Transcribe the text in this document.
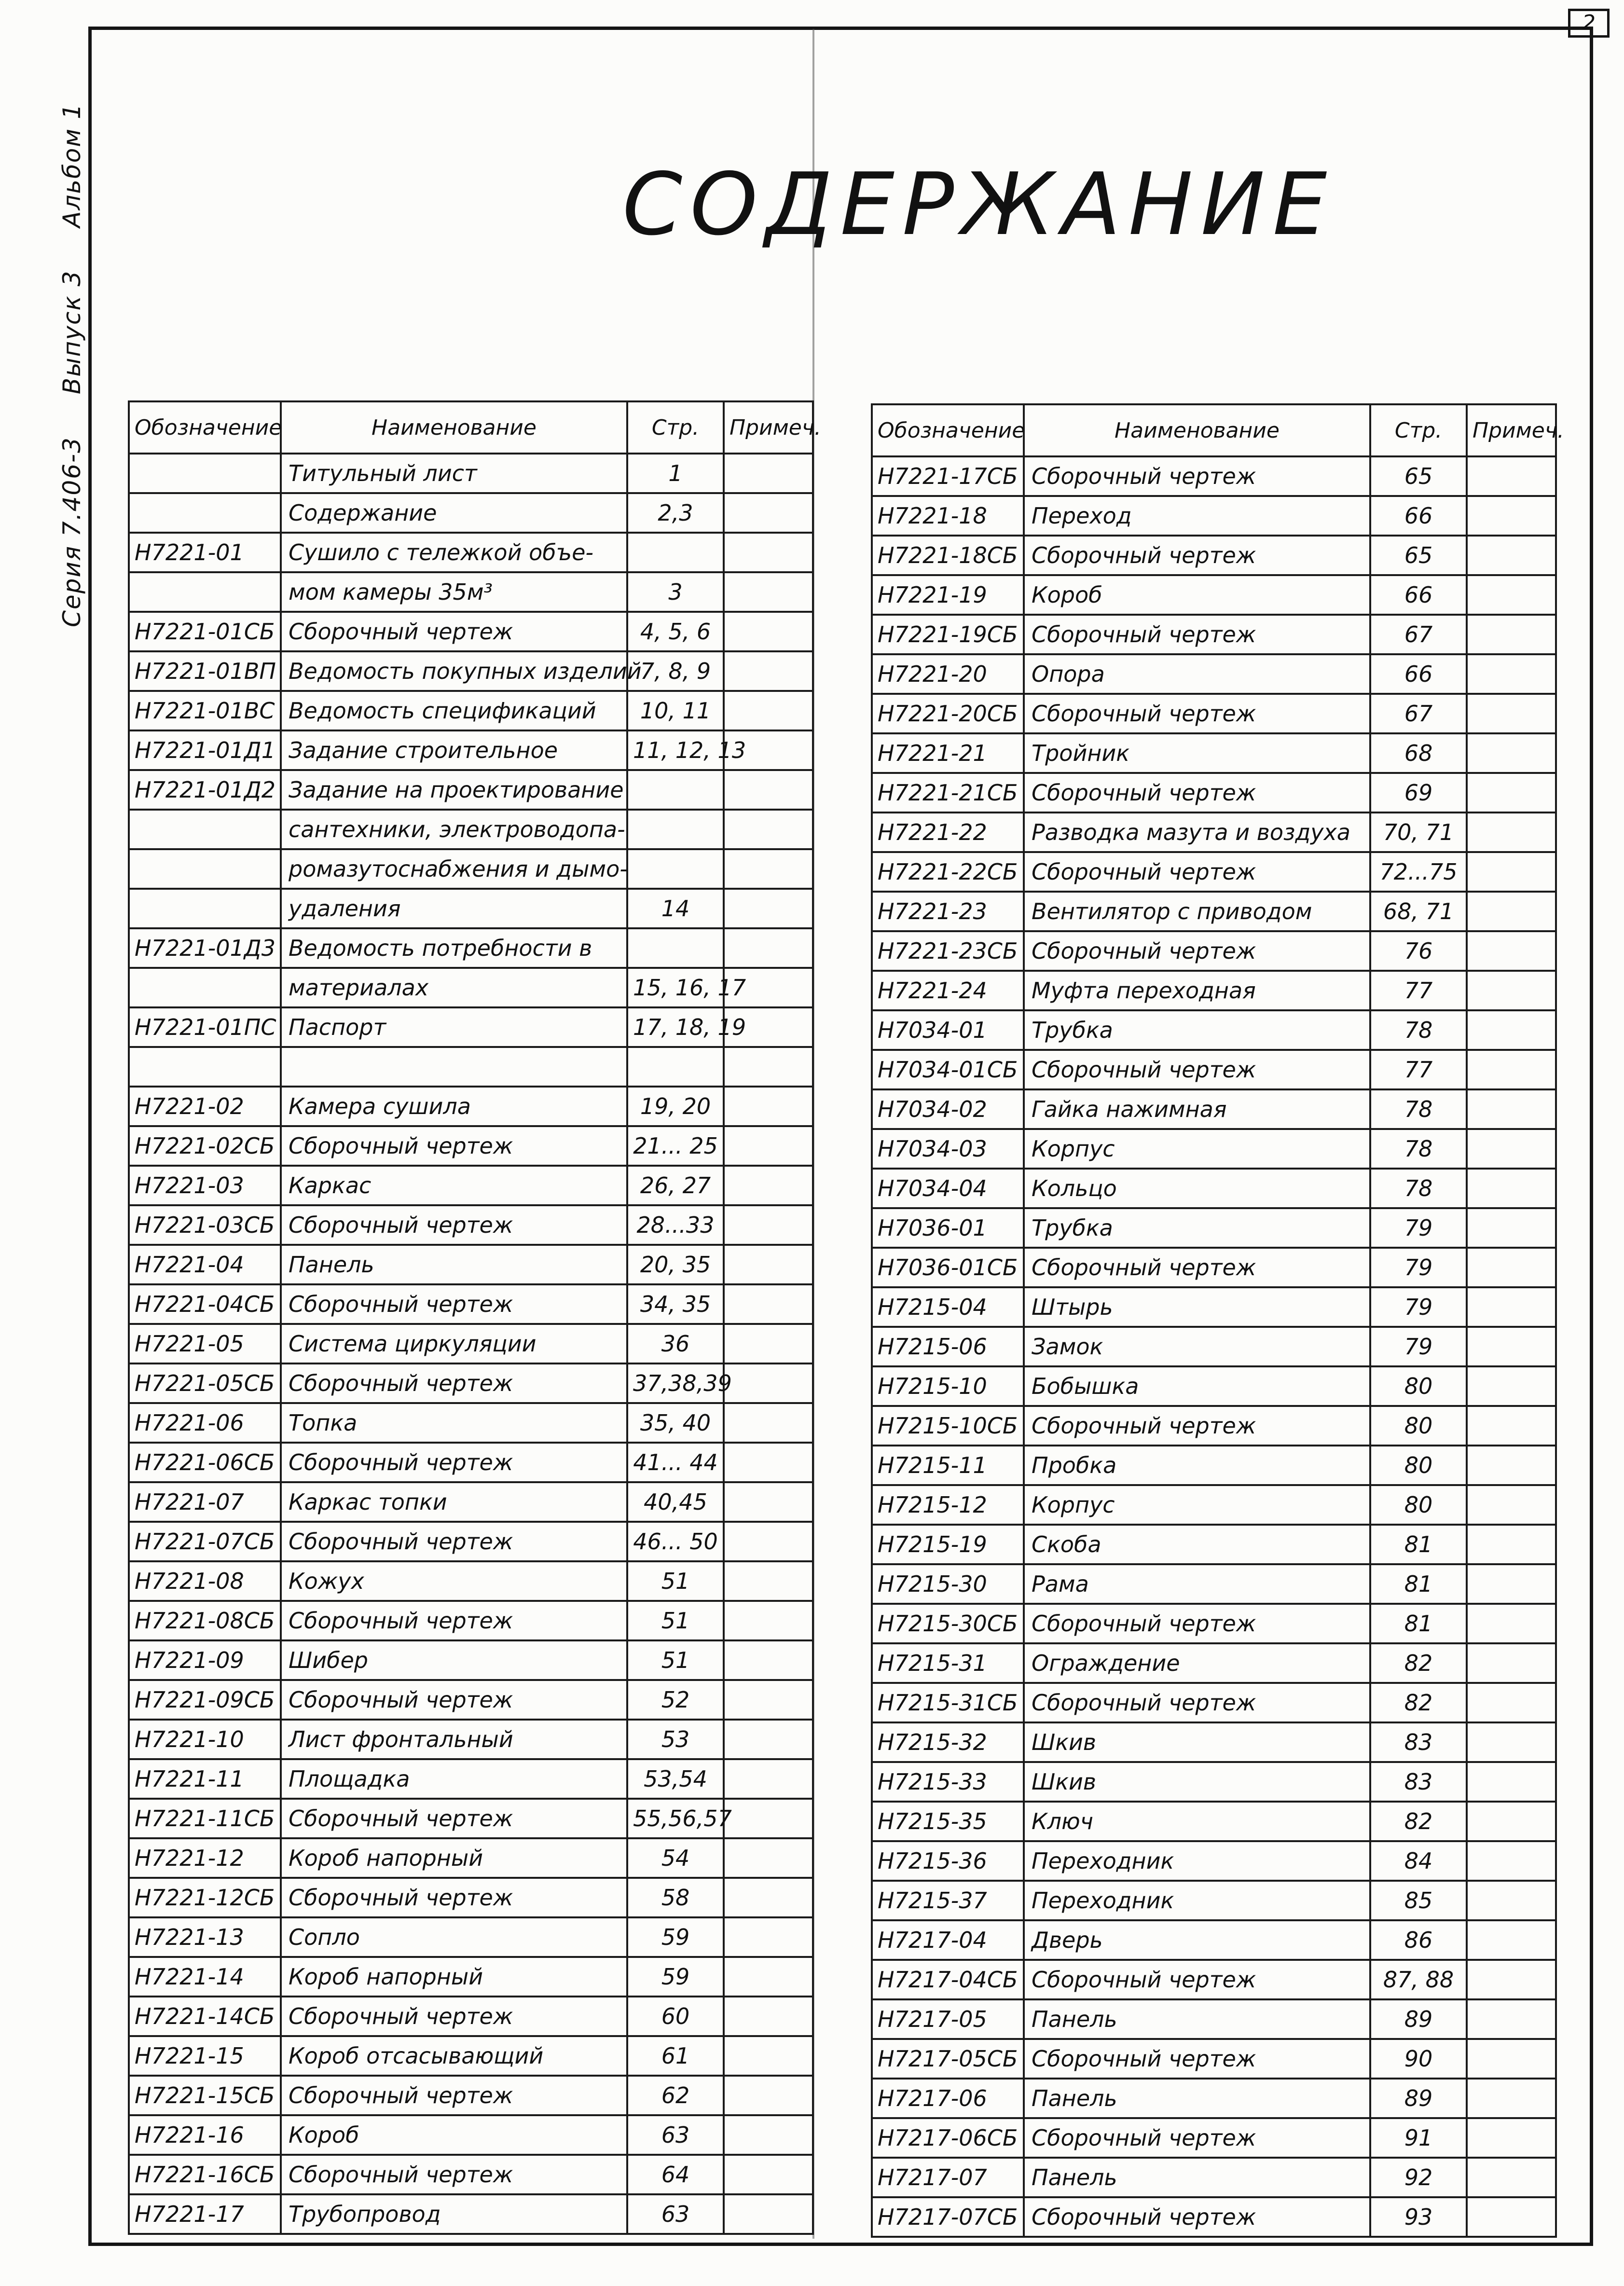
2
Серия 7.406-3 Выпуск 3 Альбом 1	СОДЕРЖАНИЕ
Обозначение	Наименование	Стр.	Примеч.
	Титульный лист	1	
	Содержание	2,3	
Н7221-01	Сушило с тележкой объе-		
	мом камеры 35м³	3	
Н7221-01СБ	Сборочный чертеж	4, 5, 6	
Н7221-01ВП	Ведомость покупных изделий	7, 8, 9	
Н7221-01ВС	Ведомость спецификаций	10, 11	
Н7221-01Д1	Задание строительное	11, 12, 13	
Н7221-01Д2	Задание на проектирование		
	сантехники, электроводопа-		
	ромазутоснабжения и дымо-		
	удаления	14	
Н7221-01Д3	Ведомость потребности в		
	материалах	15, 16, 17	
Н7221-01ПС	Паспорт	17, 18, 19	

Н7221-02	Камера сушила	19, 20	
Н7221-02СБ	Сборочный чертеж	21... 25	
Н7221-03	Каркас	26, 27	
Н7221-03СБ	Сборочный чертеж	28...33	
Н7221-04	Панель	20, 35	
Н7221-04СБ	Сборочный чертеж	34, 35	
Н7221-05	Система циркуляции	36	
Н7221-05СБ	Сборочный чертеж	37,38,39	
Н7221-06	Топка	35, 40	
Н7221-06СБ	Сборочный чертеж	41... 44	
Н7221-07	Каркас топки	40,45	
Н7221-07СБ	Сборочный чертеж	46... 50	
Н7221-08	Кожух	51	
Н7221-08СБ	Сборочный чертеж	51	
Н7221-09	Шибер	51	
Н7221-09СБ	Сборочный чертеж	52	
Н7221-10	Лист фронтальный	53	
Н7221-11	Площадка	53,54	
Н7221-11СБ	Сборочный чертеж	55,56,57	
Н7221-12	Короб напорный	54	
Н7221-12СБ	Сборочный чертеж	58	
Н7221-13	Сопло	59	
Н7221-14	Короб напорный	59	
Н7221-14СБ	Сборочный чертеж	60	
Н7221-15	Короб отсасывающий	61	
Н7221-15СБ	Сборочный чертеж	62	
Н7221-16	Короб	63	
Н7221-16СБ	Сборочный чертеж	64	
Н7221-17	Трубопровод	63	
Обозначение	Наименование	Стр.	Примеч.
Н7221-17СБ	Сборочный чертеж	65	
Н7221-18	Переход	66	
Н7221-18СБ	Сборочный чертеж	65	
Н7221-19	Короб	66	
Н7221-19СБ	Сборочный чертеж	67	
Н7221-20	Опора	66	
Н7221-20СБ	Сборочный чертеж	67	
Н7221-21	Тройник	68	
Н7221-21СБ	Сборочный чертеж	69	
Н7221-22	Разводка мазута и воздуха	70, 71	
Н7221-22СБ	Сборочный чертеж	72...75	
Н7221-23	Вентилятор с приводом	68, 71	
Н7221-23СБ	Сборочный чертеж	76	
Н7221-24	Муфта переходная	77	
Н7034-01	Трубка	78	
Н7034-01СБ	Сборочный чертеж	77	
Н7034-02	Гайка нажимная	78	
Н7034-03	Корпус	78	
Н7034-04	Кольцо	78	
Н7036-01	Трубка	79	
Н7036-01СБ	Сборочный чертеж	79	
Н7215-04	Штырь	79	
Н7215-06	Замок	79	
Н7215-10	Бобышка	80	
Н7215-10СБ	Сборочный чертеж	80	
Н7215-11	Пробка	80	
Н7215-12	Корпус	80	
Н7215-19	Скоба	81	
Н7215-30	Рама	81	
Н7215-30СБ	Сборочный чертеж	81	
Н7215-31	Ограждение	82	
Н7215-31СБ	Сборочный чертеж	82	
Н7215-32	Шкив	83	
Н7215-33	Шкив	83	
Н7215-35	Ключ	82	
Н7215-36	Переходник	84	
Н7215-37	Переходник	85	
Н7217-04	Дверь	86	
Н7217-04СБ	Сборочный чертеж	87, 88	
Н7217-05	Панель	89	
Н7217-05СБ	Сборочный чертеж	90	
Н7217-06	Панель	89	
Н7217-06СБ	Сборочный чертеж	91	
Н7217-07	Панель	92	
Н7217-07СБ	Сборочный чертеж	93	
